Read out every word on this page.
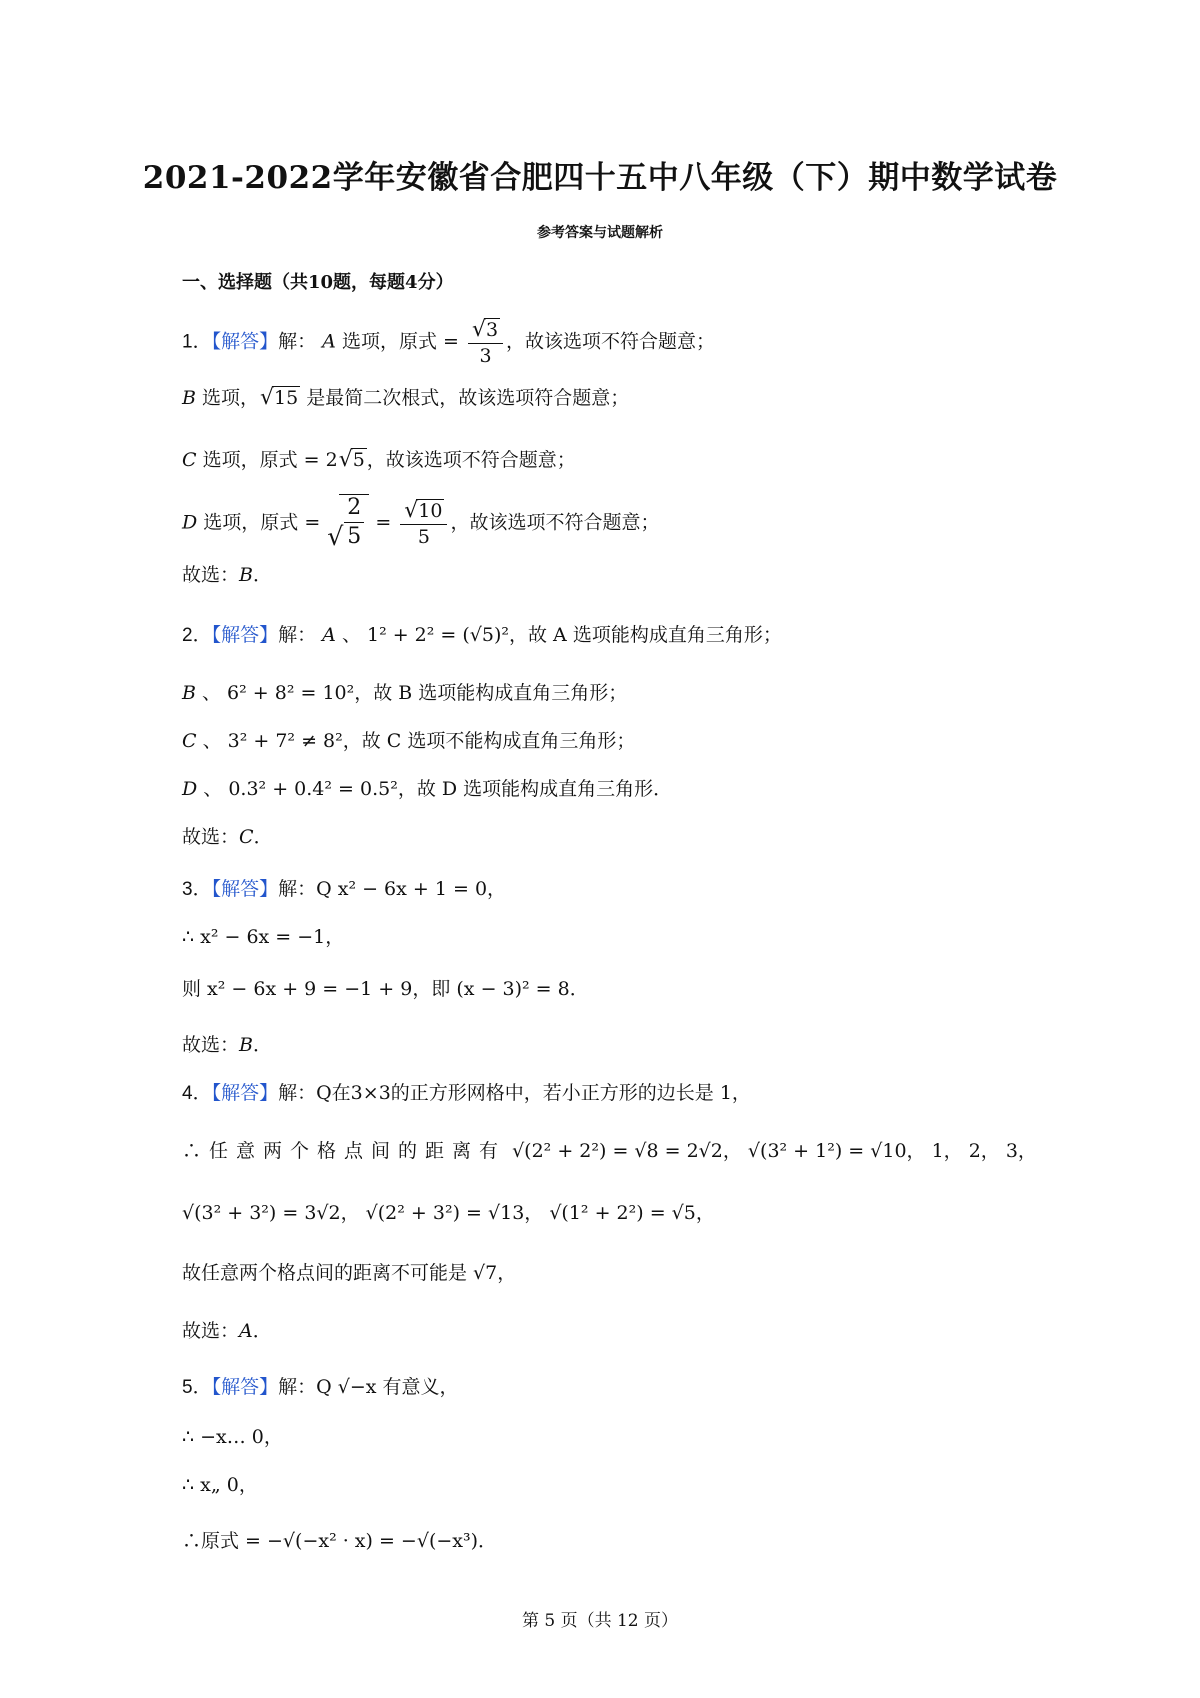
2021-2022学年安徽省合肥四十五中八年级（下）期中数学试卷
参考答案与试题解析
一、选择题（共10题，每题4分）
1．【解答】解： A 选项，原式 = √ $\frac{3}{3}$ ，故该选项不符合题意；
B 选项， √ 15 是最简二次根式，故该选项符合题意；
C 选项，原式 = 2 √ 5 ，故该选项不符合题意；
D 选项，原式 = √ $\frac{2}{5}$ = √ $\frac{10}{5}$ ，故该选项不符合题意；
故选：B．
2．【解答】解： A 、 1² + 2² = (√5)²，故 A 选项能构成直角三角形；
B 、 6² + 8² = 10²，故 B 选项能构成直角三角形；
C 、 3² + 7² ≠ 8²，故 C 选项不能构成直角三角形；
D 、 0.3² + 0.4² = 0.5²，故 D 选项能构成直角三角形．
故选：C．
3．【解答】解：Q x² − 6x + 1 = 0，
∴ x² − 6x = −1，
则 x² − 6x + 9 = −1 + 9，即 (x − 3)² = 8．
故选：B．
4．【解答】解：Q在3×3的正方形网格中，若小正方形的边长是 1，
∴任意两个格点间的距离有 √(2² + 2²) = √8 = 2√2， √(3² + 1²) = √10， 1， 2， 3，
√(3² + 3²) = 3√2， √(2² + 3²) = √13， √(1² + 2²) = √5，
故任意两个格点间的距离不可能是 √7，
故选：A．
5．【解答】解：Q √−x 有意义，
∴ −x… 0，
∴ x„ 0，
∴原式 = −√(−x² · x) = −√(−x³)．
第 5 页（共 12 页）
